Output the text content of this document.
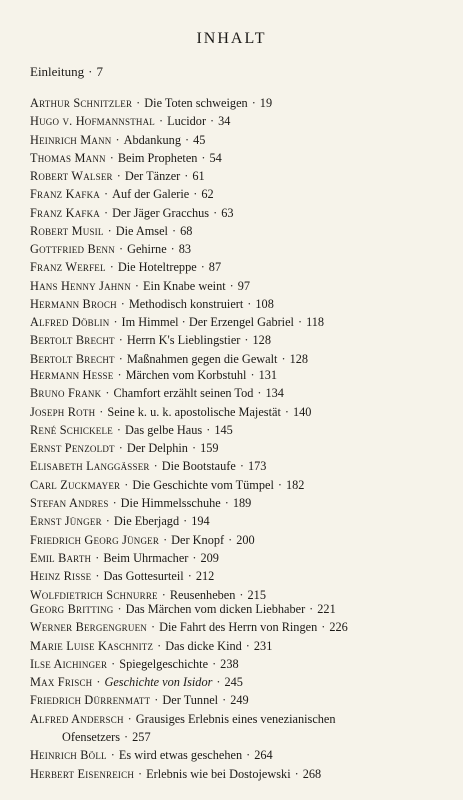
INHALT
Einleitung · 7
Arthur Schnitzler · Die Toten schweigen · 19
Hugo v. Hofmannsthal · Lucidor · 34
Heinrich Mann · Abdankung · 45
Thomas Mann · Beim Propheten · 54
Robert Walser · Der Tänzer · 61
Franz Kafka · Auf der Galerie · 62
Franz Kafka · Der Jäger Gracchus · 63
Robert Musil · Die Amsel · 68
Gottfried Benn · Gehirne · 83
Franz Werfel · Die Hoteltreppe · 87
Hans Henny Jahnn · Ein Knabe weint · 97
Hermann Broch · Methodisch konstruiert · 108
Alfred Döblin · Im Himmel · Der Erzengel Gabriel · 118
Bertolt Brecht · Herrn K's Lieblingstier · 128
Bertolt Brecht · Maßnahmen gegen die Gewalt · 128
Hermann Hesse · Märchen vom Korbstuhl · 131
Bruno Frank · Chamfort erzählt seinen Tod · 134
Joseph Roth · Seine k. u. k. apostolische Majestät · 140
René Schickele · Das gelbe Haus · 145
Ernst Penzoldt · Der Delphin · 159
Elisabeth Langgässer · Die Bootstaufe · 173
Carl Zuckmayer · Die Geschichte vom Tümpel · 182
Stefan Andres · Die Himmelsschuhe · 189
Ernst Jünger · Die Eberjagd · 194
Friedrich Georg Jünger · Der Knopf · 200
Emil Barth · Beim Uhrmacher · 209
Heinz Risse · Das Gottesurteil · 212
Wolfdietrich Schnurre · Reusenheben · 215
Georg Britting · Das Märchen vom dicken Liebhaber · 221
Werner Bergengruen · Die Fahrt des Herrn von Ringen · 226
Marie Luise Kaschnitz · Das dicke Kind · 231
Ilse Aichinger · Spiegelgeschichte · 238
Max Frisch · Geschichte von Isidor · 245
Friedrich Dürrenmatt · Der Tunnel · 249
Alfred Andersch · Grausiges Erlebnis eines venezianischen
Ofensetzers · 257
Heinrich Böll · Es wird etwas geschehen · 264
Herbert Eisenreich · Erlebnis wie bei Dostojewski · 268
